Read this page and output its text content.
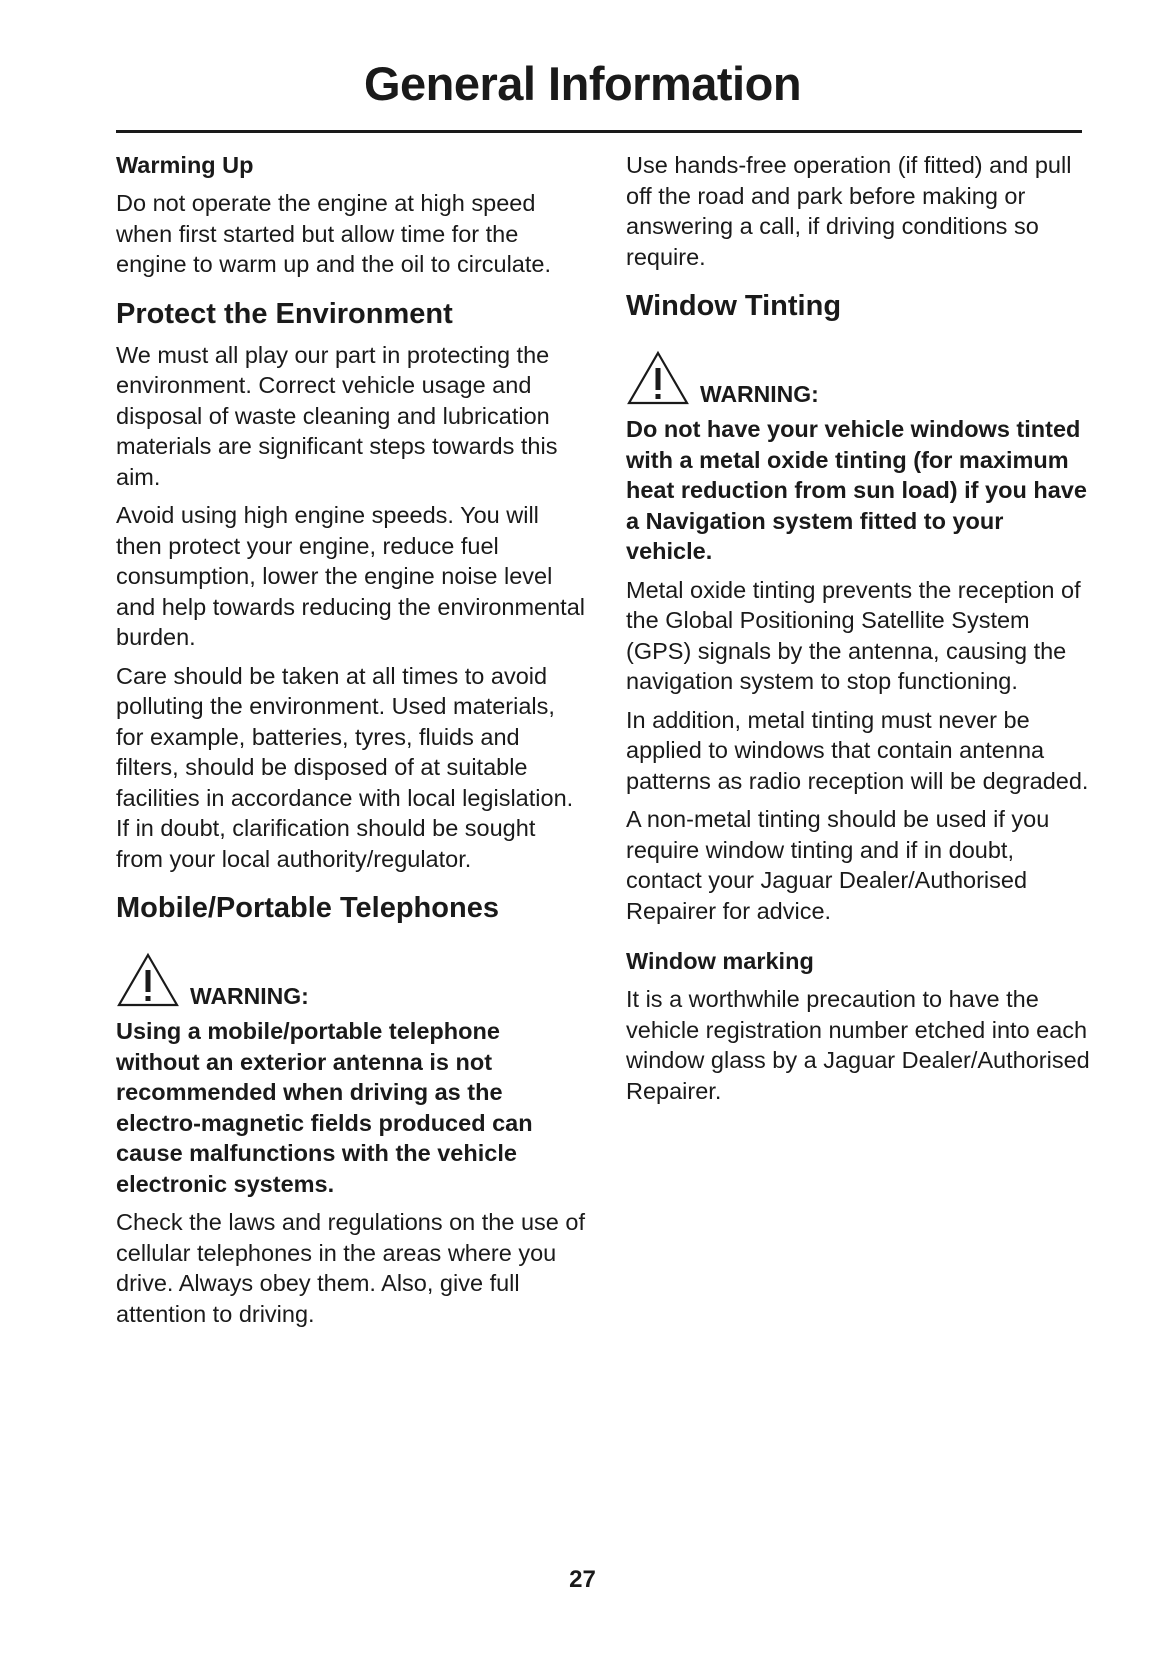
General Information
Warming Up

Do not operate the engine at high speed when first started but allow time for the engine to warm up and the oil to circulate.

Protect the Environment

We must all play our part in protecting the environment. Correct vehicle usage and disposal of waste cleaning and lubrication materials are significant steps towards this aim.

Avoid using high engine speeds. You will then protect your engine, reduce fuel consumption, lower the engine noise level and help towards reducing the environmental burden.

Care should be taken at all times to avoid polluting the environment. Used materials, for example, batteries, tyres, fluids and filters, should be disposed of at suitable facilities in accordance with local legislation. If in doubt, clarification should be sought from your local authority/regulator.

Mobile/Portable Telephones
WARNING:

Using a mobile/portable telephone without an exterior antenna is not recommended when driving as the electro-magnetic fields produced can cause malfunctions with the vehicle electronic systems.

Check the laws and regulations on the use of cellular telephones in the areas where you drive. Always obey them. Also, give full attention to driving.

Use hands-free operation (if fitted) and pull off the road and park before making or answering a call, if driving conditions so require.

Window Tinting
WARNING:

Do not have your vehicle windows tinted with a metal oxide tinting (for maximum heat reduction from sun load) if you have a Navigation system fitted to your vehicle.

Metal oxide tinting prevents the reception of the Global Positioning Satellite System (GPS) signals by the antenna, causing the navigation system to stop functioning.

In addition, metal tinting must never be applied to windows that contain antenna patterns as radio reception will be degraded.

A non-metal tinting should be used if you require window tinting and if in doubt, contact your Jaguar Dealer/Authorised Repairer for advice.

Window marking

It is a worthwhile precaution to have the vehicle registration number etched into each window glass by a Jaguar Dealer/Authorised Repairer.

27
